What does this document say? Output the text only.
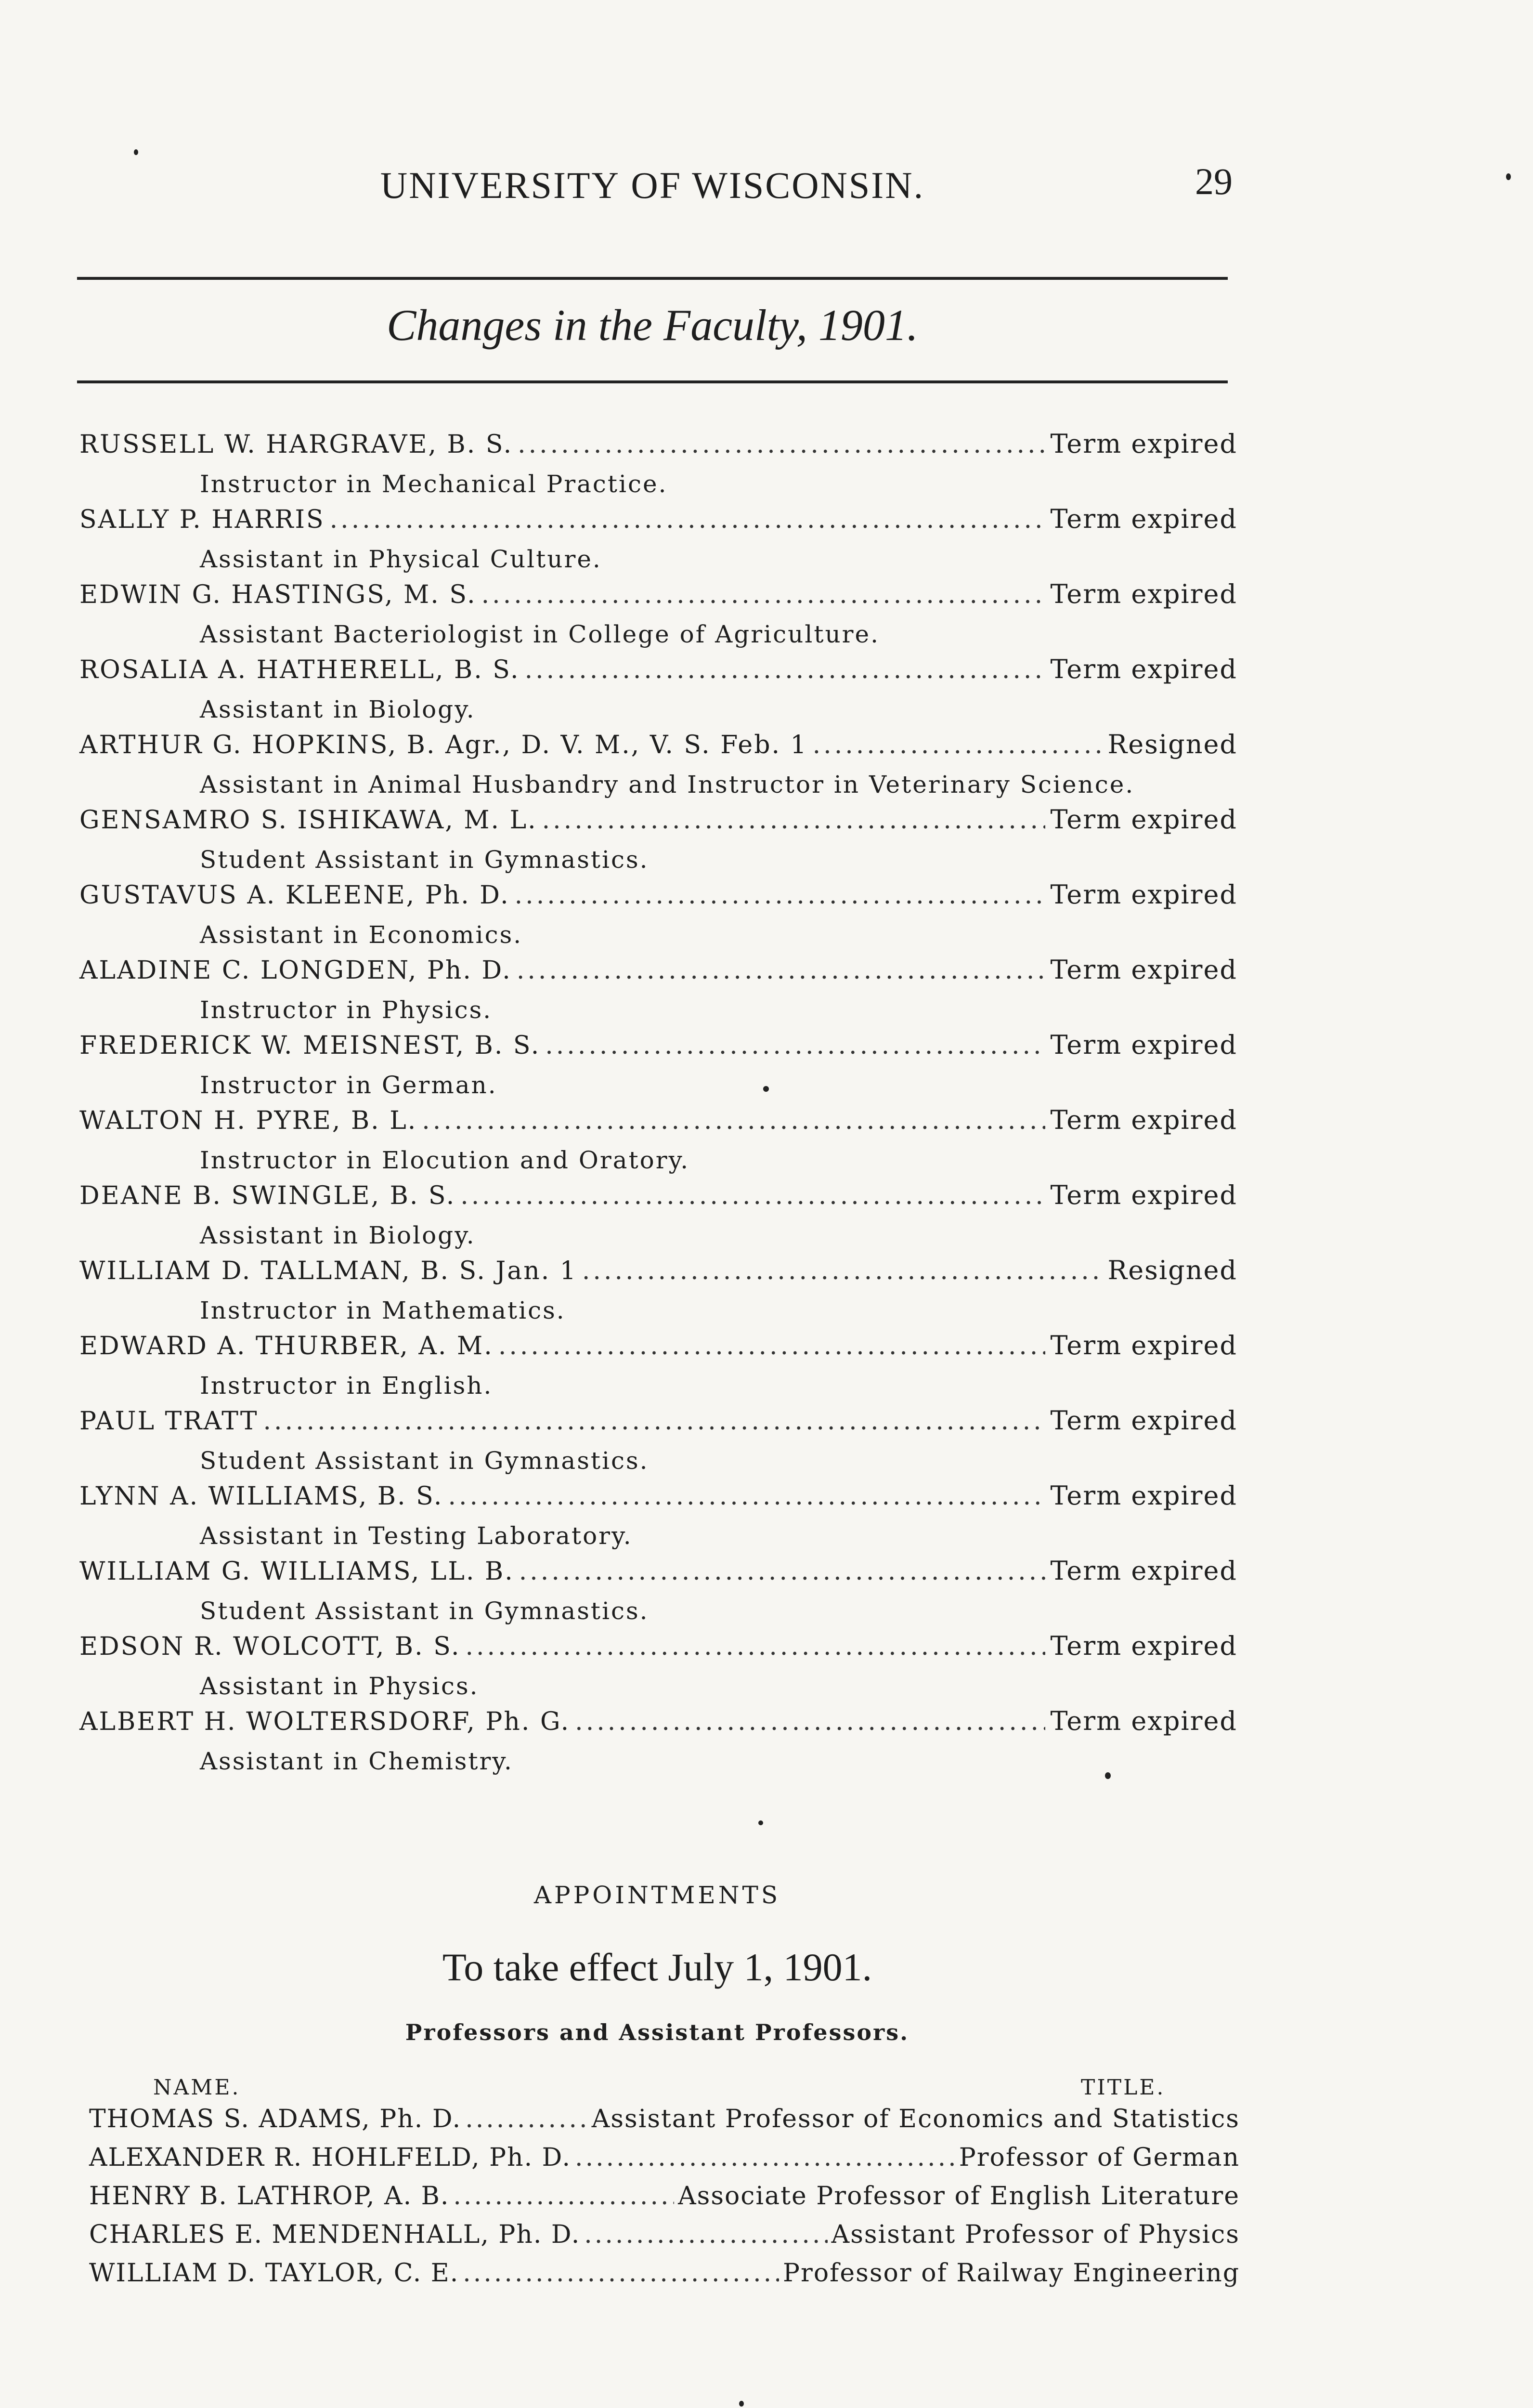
UNIVERSITY OF WISCONSIN.	29
Changes in the Faculty, 1901.
RUSSELL W. HARGRAVE, B. S. .....	Term expired
Instructor in Mechanical Practice.
SALLY P. HARRIS .....	Term expired
Assistant in Physical Culture.
EDWIN G. HASTINGS, M. S. .....	Term expired
Assistant Bacteriologist in College of Agriculture.
ROSALIA A. HATHERELL, B. S. .....	Term expired
Assistant in Biology.
ARTHUR G. HOPKINS, B. Agr., D. V. M., V. S. Feb. 1 .....	Resigned
Assistant in Animal Husbandry and Instructor in Veterinary Science.
GENSAMRO S. ISHIKAWA, M. L. .....	Term expired
Student Assistant in Gymnastics.
GUSTAVUS A. KLEENE, Ph. D. .....	Term expired
Assistant in Economics.
ALADINE C. LONGDEN, Ph. D. .....	Term expired
Instructor in Physics.
FREDERICK W. MEISNEST, B. S. .....	Term expired
Instructor in German.
WALTON H. PYRE, B. L. .....	Term expired
Instructor in Elocution and Oratory.
DEANE B. SWINGLE, B. S. .....	Term expired
Assistant in Biology.
WILLIAM D. TALLMAN, B. S. Jan. 1 .....	Resigned
Instructor in Mathematics.
EDWARD A. THURBER, A. M. .....	Term expired
Instructor in English.
PAUL TRATT .....	Term expired
Student Assistant in Gymnastics.
LYNN A. WILLIAMS, B. S. .....	Term expired
Assistant in Testing Laboratory.
WILLIAM G. WILLIAMS, LL. B. .....	Term expired
Student Assistant in Gymnastics.
EDSON R. WOLCOTT, B. S. .....	Term expired
Assistant in Physics.
ALBERT H. WOLTERSDORF, Ph. G. .....	Term expired
Assistant in Chemistry.
APPOINTMENTS
To take effect July 1, 1901.
Professors and Assistant Professors.
NAME.	TITLE.
THOMAS S. ADAMS, Ph. D. .....	Assistant Professor of Economics and Statistics
ALEXANDER R. HOHLFELD, Ph. D. .....	Professor of German
HENRY B. LATHROP, A. B. .....	Associate Professor of English Literature
CHARLES E. MENDENHALL, Ph. D. .....	Assistant Professor of Physics
WILLIAM D. TAYLOR, C. E. .....	Professor of Railway Engineering
